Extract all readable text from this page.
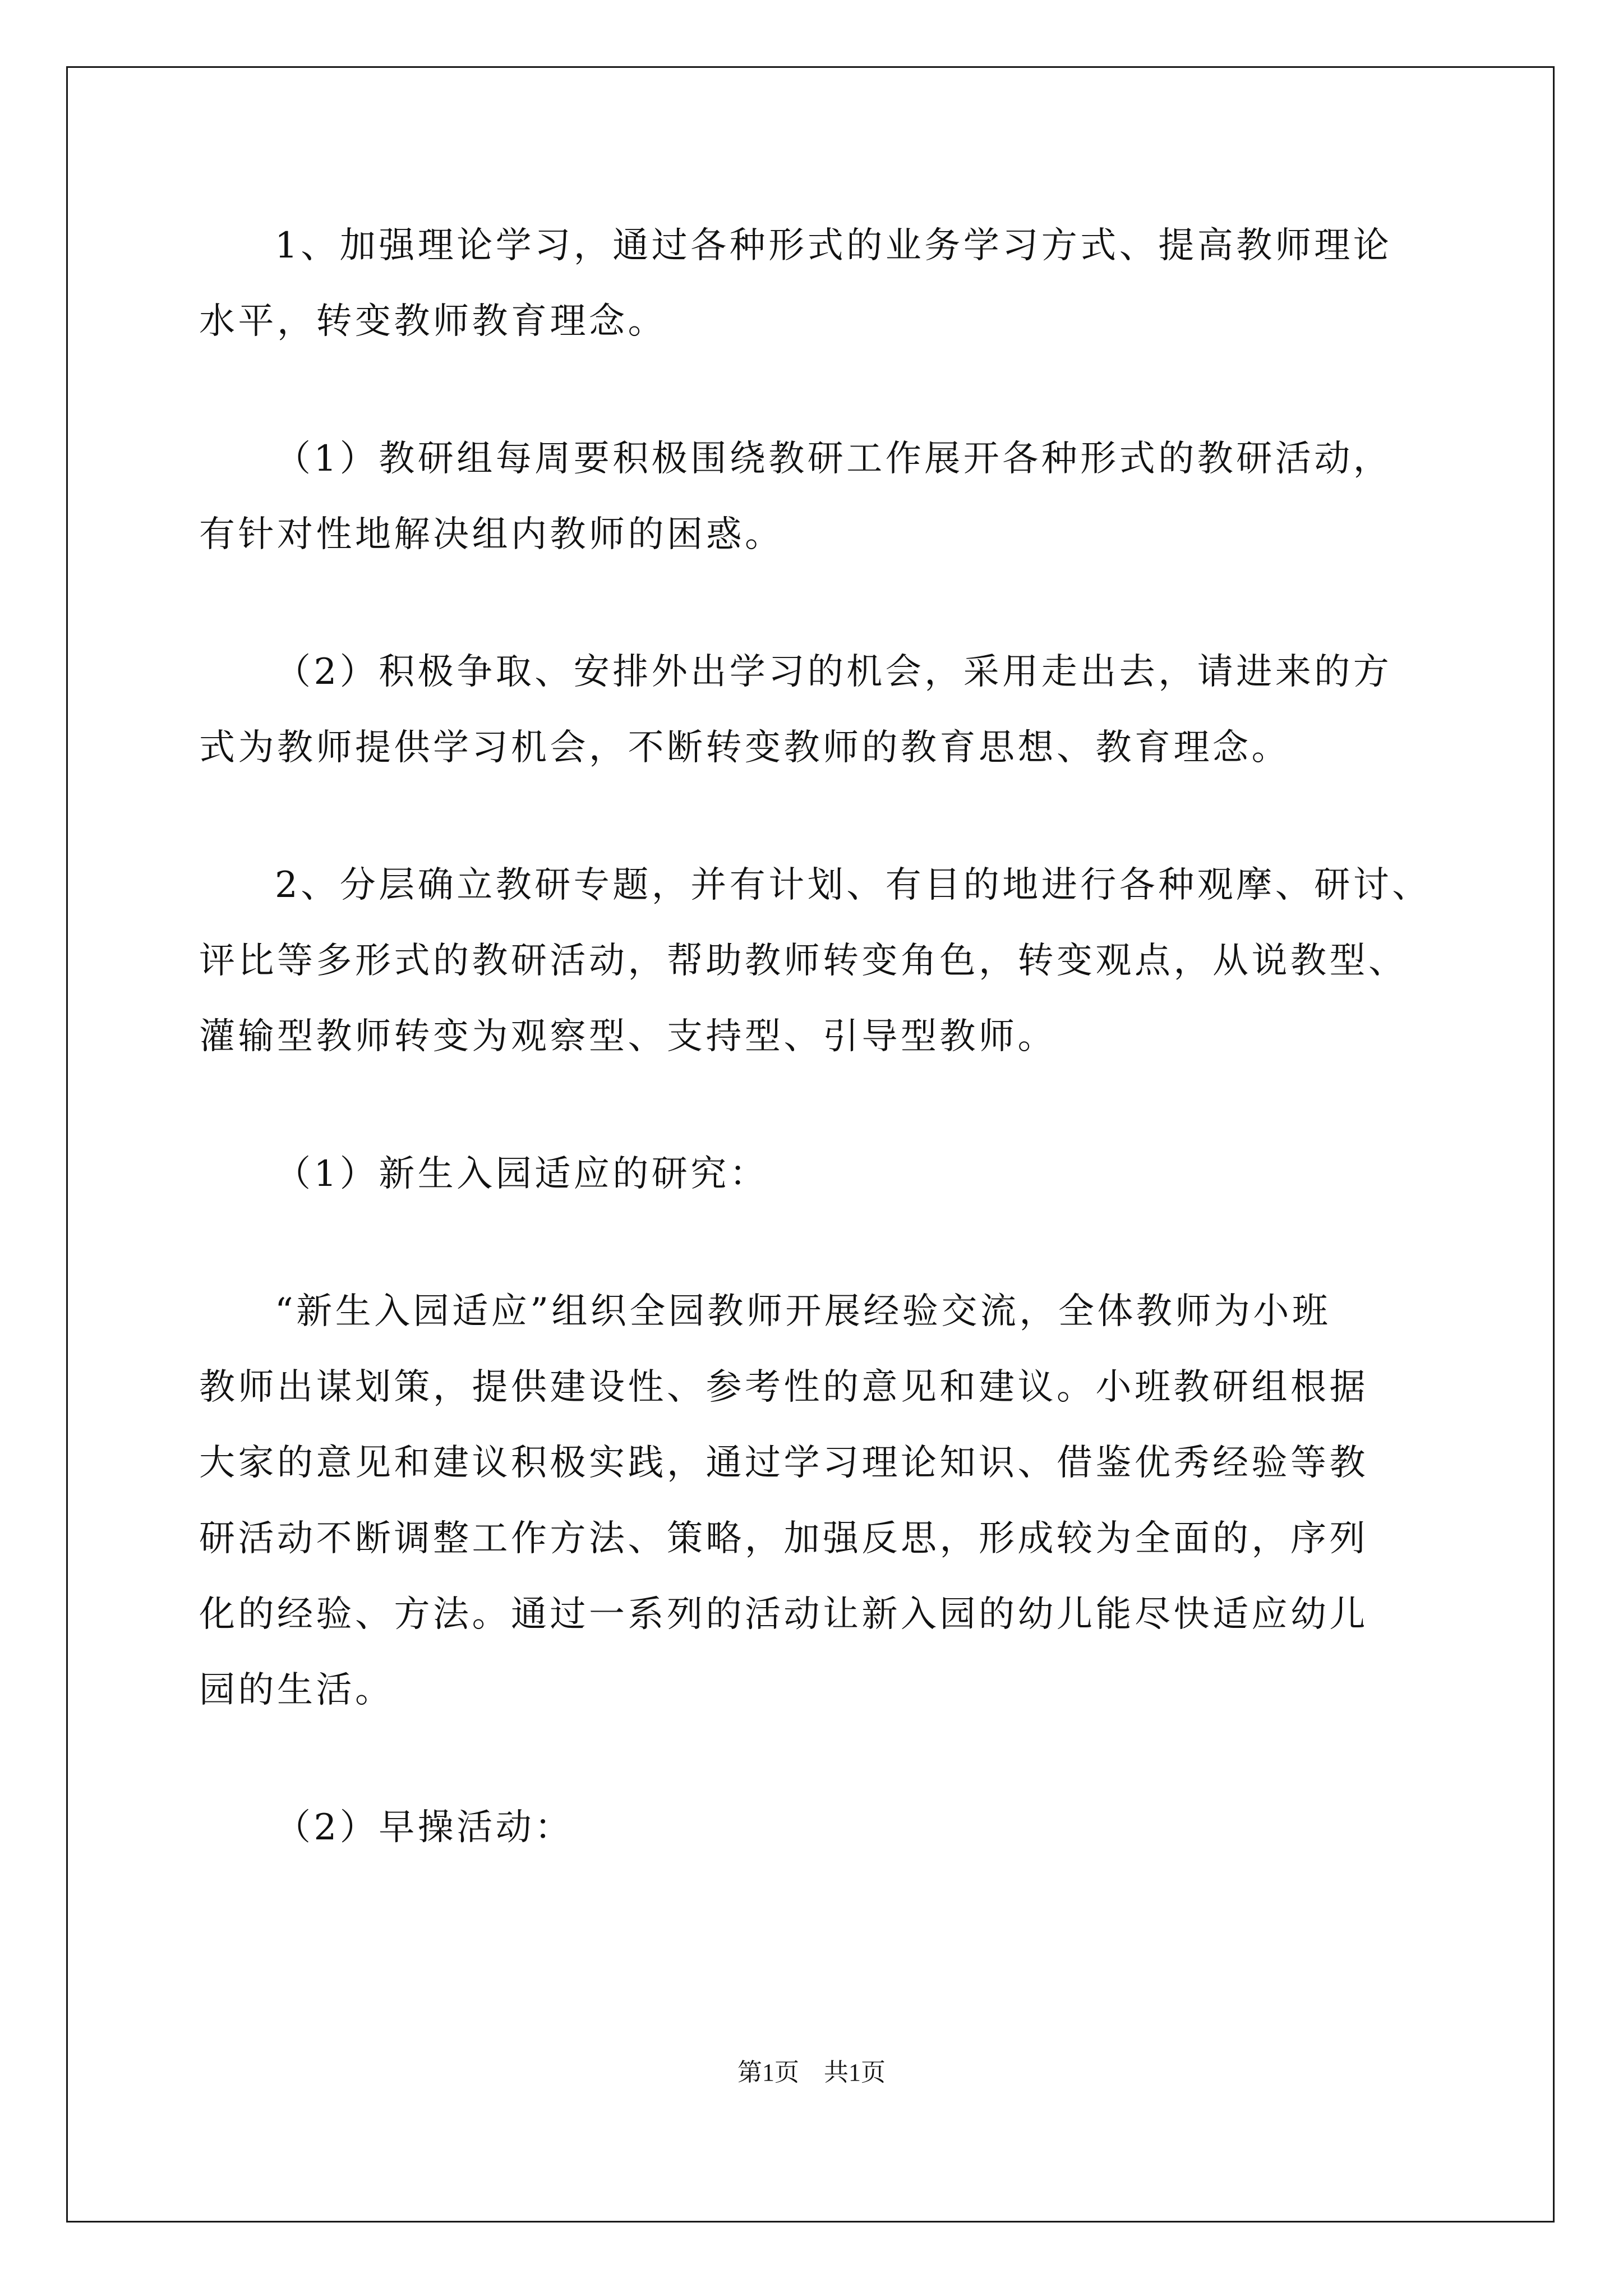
1、加强理论学习，通过各种形式的业务学习方式、提高教师理论
水平，转变教师教育理念。
（1）教研组每周要积极围绕教研工作展开各种形式的教研活动，
有针对性地解决组内教师的困惑。
（2）积极争取、安排外出学习的机会，采用走出去，请进来的方
式为教师提供学习机会，不断转变教师的教育思想、教育理念。
2、分层确立教研专题，并有计划、有目的地进行各种观摩、研讨、
评比等多形式的教研活动，帮助教师转变角色，转变观点，从说教型、
灌输型教师转变为观察型、支持型、引导型教师。
（1）新生入园适应的研究：
“新生入园适应”组织全园教师开展经验交流，全体教师为小班
教师出谋划策，提供建设性、参考性的意见和建议。小班教研组根据
大家的意见和建议积极实践，通过学习理论知识、借鉴优秀经验等教
研活动不断调整工作方法、策略，加强反思，形成较为全面的，序列
化的经验、方法。通过一系列的活动让新入园的幼儿能尽快适应幼儿
园的生活。
（2）早操活动：
第1页　共1页
